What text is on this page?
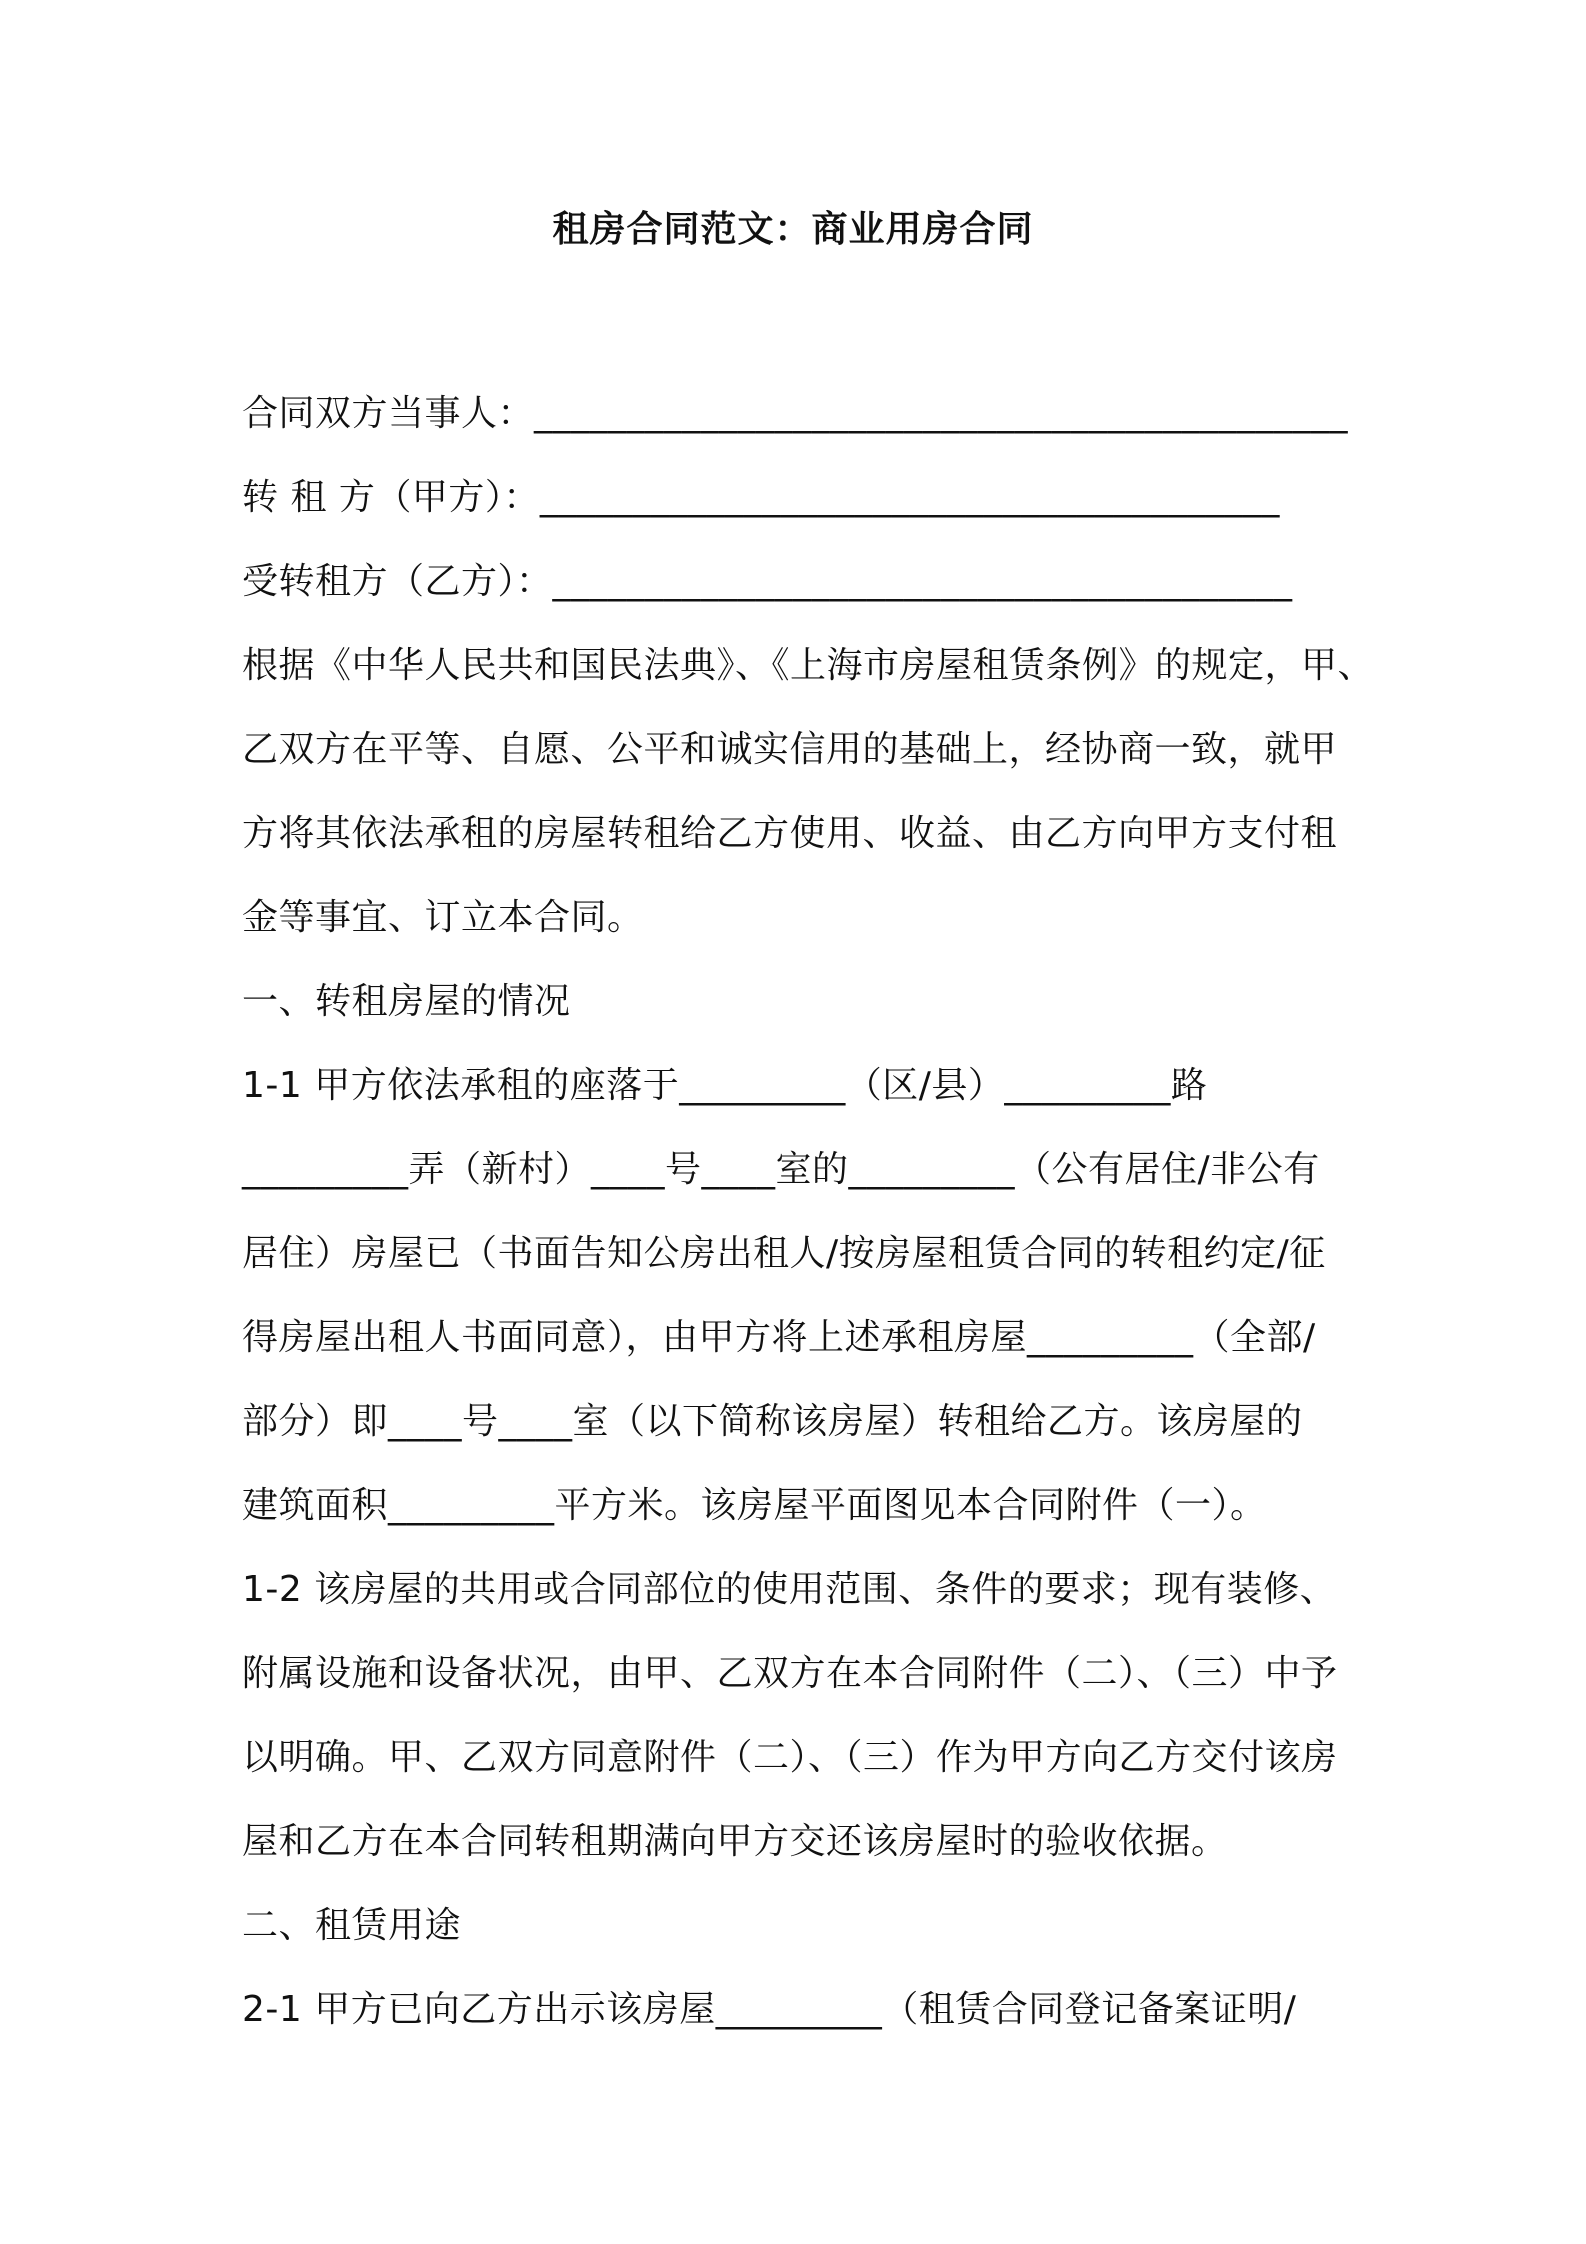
租房合同范文：商业用房合同
合同双方当事人：____________________________________________
转 租 方（甲方）：________________________________________
受转租方（乙方）：________________________________________
根据《中华人民共和国民法典》、《上海市房屋租赁条例》的规定，甲、
乙双方在平等、自愿、公平和诚实信用的基础上，经协商一致，就甲
方将其依法承租的房屋转租给乙方使用、收益、由乙方向甲方支付租
金等事宜、订立本合同。
一、转租房屋的情况
1-1 甲方依法承租的座落于_________（区/县）_________路
_________弄（新村）____号____室的_________（公有居住/非公有
居住）房屋已（书面告知公房出租人/按房屋租赁合同的转租约定/征
得房屋出租人书面同意），由甲方将上述承租房屋_________（全部/
部分）即____号____室（以下简称该房屋）转租给乙方。该房屋的
建筑面积_________平方米。该房屋平面图见本合同附件（一）。
1-2 该房屋的共用或合同部位的使用范围、条件的要求；现有装修、
附属设施和设备状况，由甲、乙双方在本合同附件（二）、（三）中予
以明确。甲、乙双方同意附件（二）、（三）作为甲方向乙方交付该房
屋和乙方在本合同转租期满向甲方交还该房屋时的验收依据。
二、租赁用途
2-1 甲方已向乙方出示该房屋_________（租赁合同登记备案证明/
